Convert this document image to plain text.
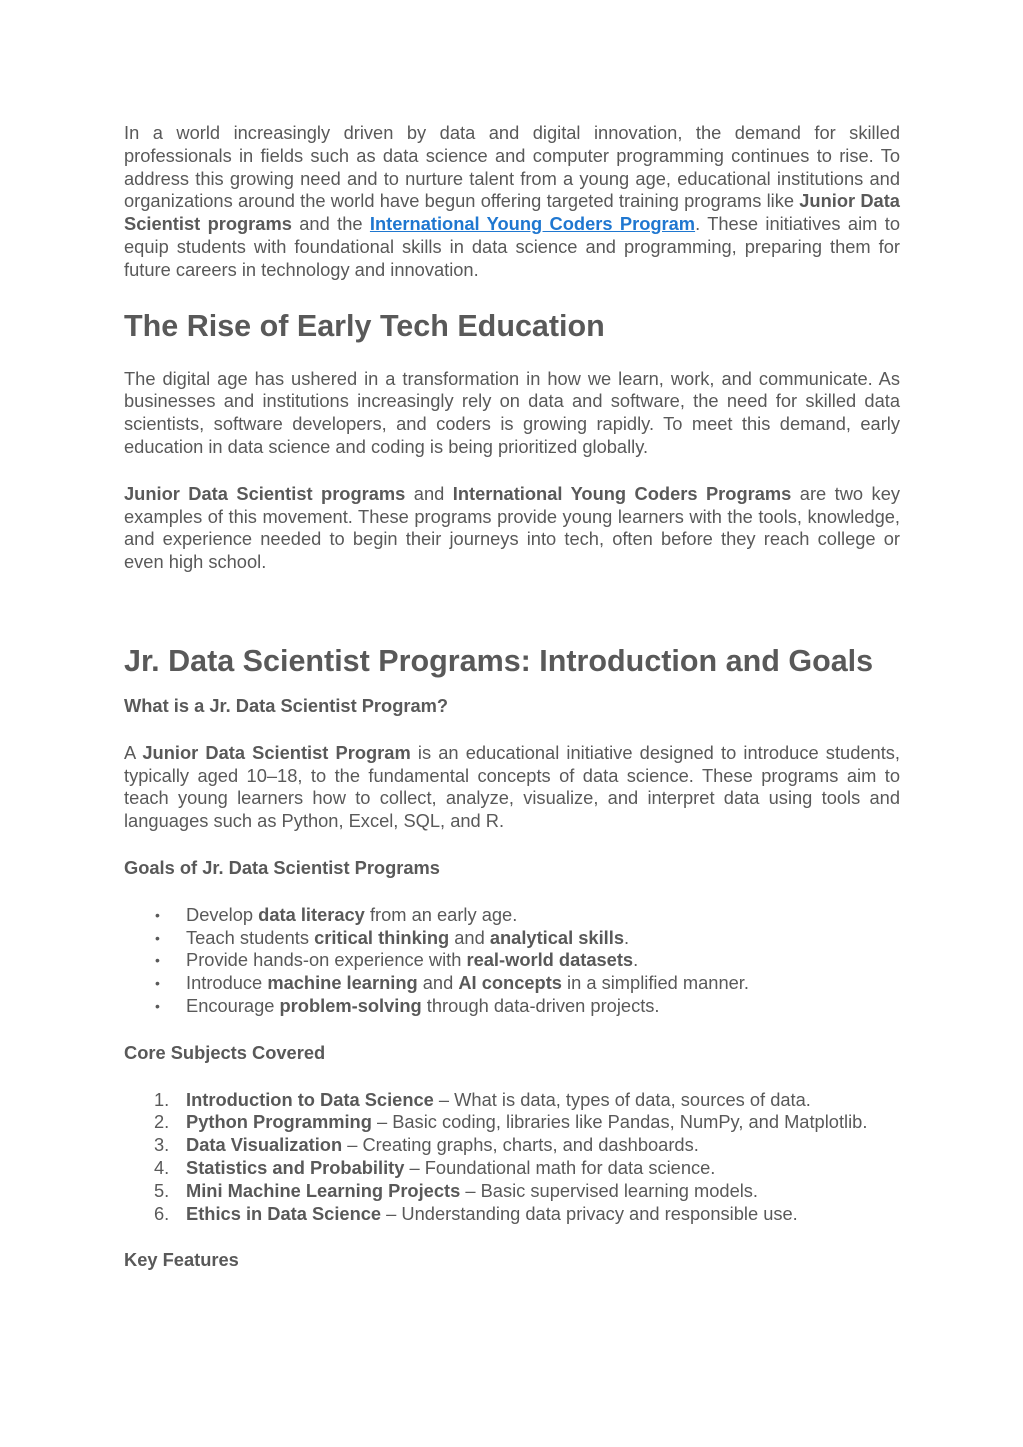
In a world increasingly driven by data and digital innovation, the demand for skilled professionals in fields such as data science and computer programming continues to rise. To address this growing need and to nurture talent from a young age, educational institutions and organizations around the world have begun offering targeted training programs like Junior Data Scientist programs and the International Young Coders Program. These initiatives aim to equip students with foundational skills in data science and programming, preparing them for future careers in technology and innovation.

The Rise of Early Tech Education

The digital age has ushered in a transformation in how we learn, work, and communicate. As businesses and institutions increasingly rely on data and software, the need for skilled data scientists, software developers, and coders is growing rapidly. To meet this demand, early education in data science and coding is being prioritized globally.

Junior Data Scientist programs and International Young Coders Programs are two key examples of this movement. These programs provide young learners with the tools, knowledge, and experience needed to begin their journeys into tech, often before they reach college or even high school.

Jr. Data Scientist Programs: Introduction and Goals
What is a Jr. Data Scientist Program?

A Junior Data Scientist Program is an educational initiative designed to introduce students, typically aged 10–18, to the fundamental concepts of data science. These programs aim to teach young learners how to collect, analyze, visualize, and interpret data using tools and languages such as Python, Excel, SQL, and R.

Goals of Jr. Data Scientist Programs
• Develop data literacy from an early age.
• Teach students critical thinking and analytical skills.
• Provide hands-on experience with real-world datasets.
• Introduce machine learning and AI concepts in a simplified manner.
• Encourage problem-solving through data-driven projects.
Core Subjects Covered
1. Introduction to Data Science – What is data, types of data, sources of data.
2. Python Programming – Basic coding, libraries like Pandas, NumPy, and Matplotlib.
3. Data Visualization – Creating graphs, charts, and dashboards.
4. Statistics and Probability – Foundational math for data science.
5. Mini Machine Learning Projects – Basic supervised learning models.
6. Ethics in Data Science – Understanding data privacy and responsible use.
Key Features
